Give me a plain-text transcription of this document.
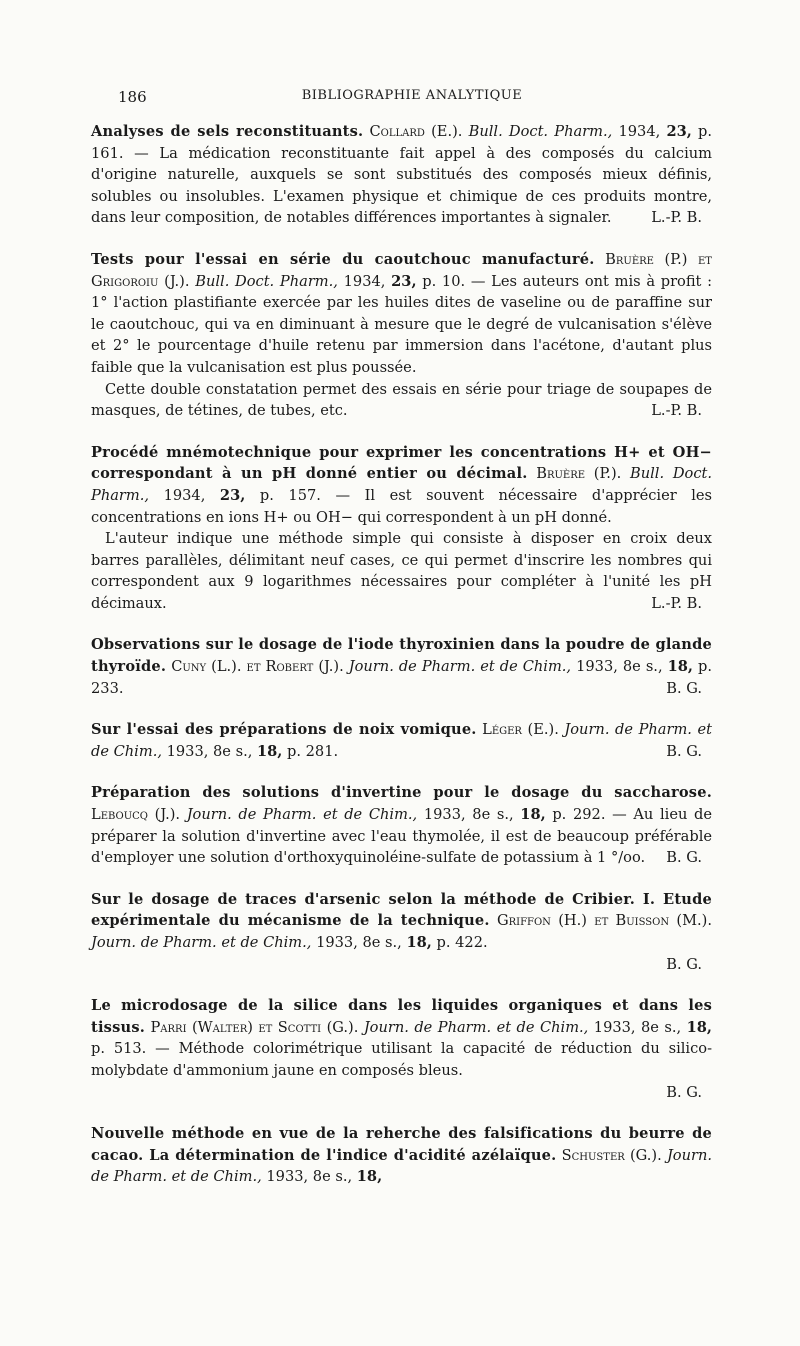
186	BIBLIOGRAPHIE ANALYTIQUE

Analyses de sels reconstituants. Collard (E.). Bull. Doct. Pharm., 1934, 23, p. 161. — La médication reconstituante fait appel à des composés du calcium d'origine naturelle, auxquels se sont substitués des composés mieux définis, solubles ou insolubles. L'examen physique et chimique de ces produits montre, dans leur composition, de notables différences importantes à signaler.	L.-P. B.

Tests pour l'essai en série du caoutchouc manufacturé. Bruère (P.) et Grigoroiu (J.). Bull. Doct. Pharm., 1934, 23, p. 10. — Les auteurs ont mis à profit : 1° l'action plastifiante exercée par les huiles dites de vaseline ou de paraffine sur le caoutchouc, qui va en diminuant à mesure que le degré de vulcanisation s'élève et 2° le pourcentage d'huile retenu par immersion dans l'acétone, d'autant plus faible que la vulcanisation est plus poussée.

Cette double constatation permet des essais en série pour triage de soupapes de masques, de tétines, de tubes, etc.	L.-P. B.

Procédé mnémotechnique pour exprimer les concentrations H+ et OH− correspondant à un pH donné entier ou décimal. Bruère (P.). Bull. Doct. Pharm., 1934, 23, p. 157. — Il est souvent nécessaire d'apprécier les concentrations en ions H+ ou OH− qui correspondent à un pH donné.

L'auteur indique une méthode simple qui consiste à disposer en croix deux barres parallèles, délimitant neuf cases, ce qui permet d'inscrire les nombres qui correspondent aux 9 logarithmes nécessaires pour compléter à l'unité les pH décimaux.	L.-P. B.

Observations sur le dosage de l'iode thyroxinien dans la poudre de glande thyroïde. Cuny (L.). et Robert (J.). Journ. de Pharm. et de Chim., 1933, 8e s., 18, p. 233.	B. G.

Sur l'essai des préparations de noix vomique. Léger (E.). Journ. de Pharm. et de Chim., 1933, 8e s., 18, p. 281.	B. G.

Préparation des solutions d'invertine pour le dosage du saccharose. Leboucq (J.). Journ. de Pharm. et de Chim., 1933, 8e s., 18, p. 292. — Au lieu de préparer la solution d'invertine avec l'eau thymolée, il est de beaucoup préférable d'employer une solution d'orthoxyquinoléine-sulfate de potassium à 1 °/oo. B. G.

Sur le dosage de traces d'arsenic selon la méthode de Cribier. I. Etude expérimentale du mécanisme de la technique. Griffon (H.) et Buisson (M.). Journ. de Pharm. et de Chim., 1933, 8e s., 18, p. 422.
B. G.

Le microdosage de la silice dans les liquides organiques et dans les tissus. Parri (Walter) et Scotti (G.). Journ. de Pharm. et de Chim., 1933, 8e s., 18, p. 513. — Méthode colorimétrique utilisant la capacité de réduction du silico-molybdate d'ammonium jaune en composés bleus.
B. G.

Nouvelle méthode en vue de la reherche des falsifications du beurre de cacao. La détermination de l'indice d'acidité azélaïque. Schuster (G.). Journ. de Pharm. et de Chim., 1933, 8e s., 18,
